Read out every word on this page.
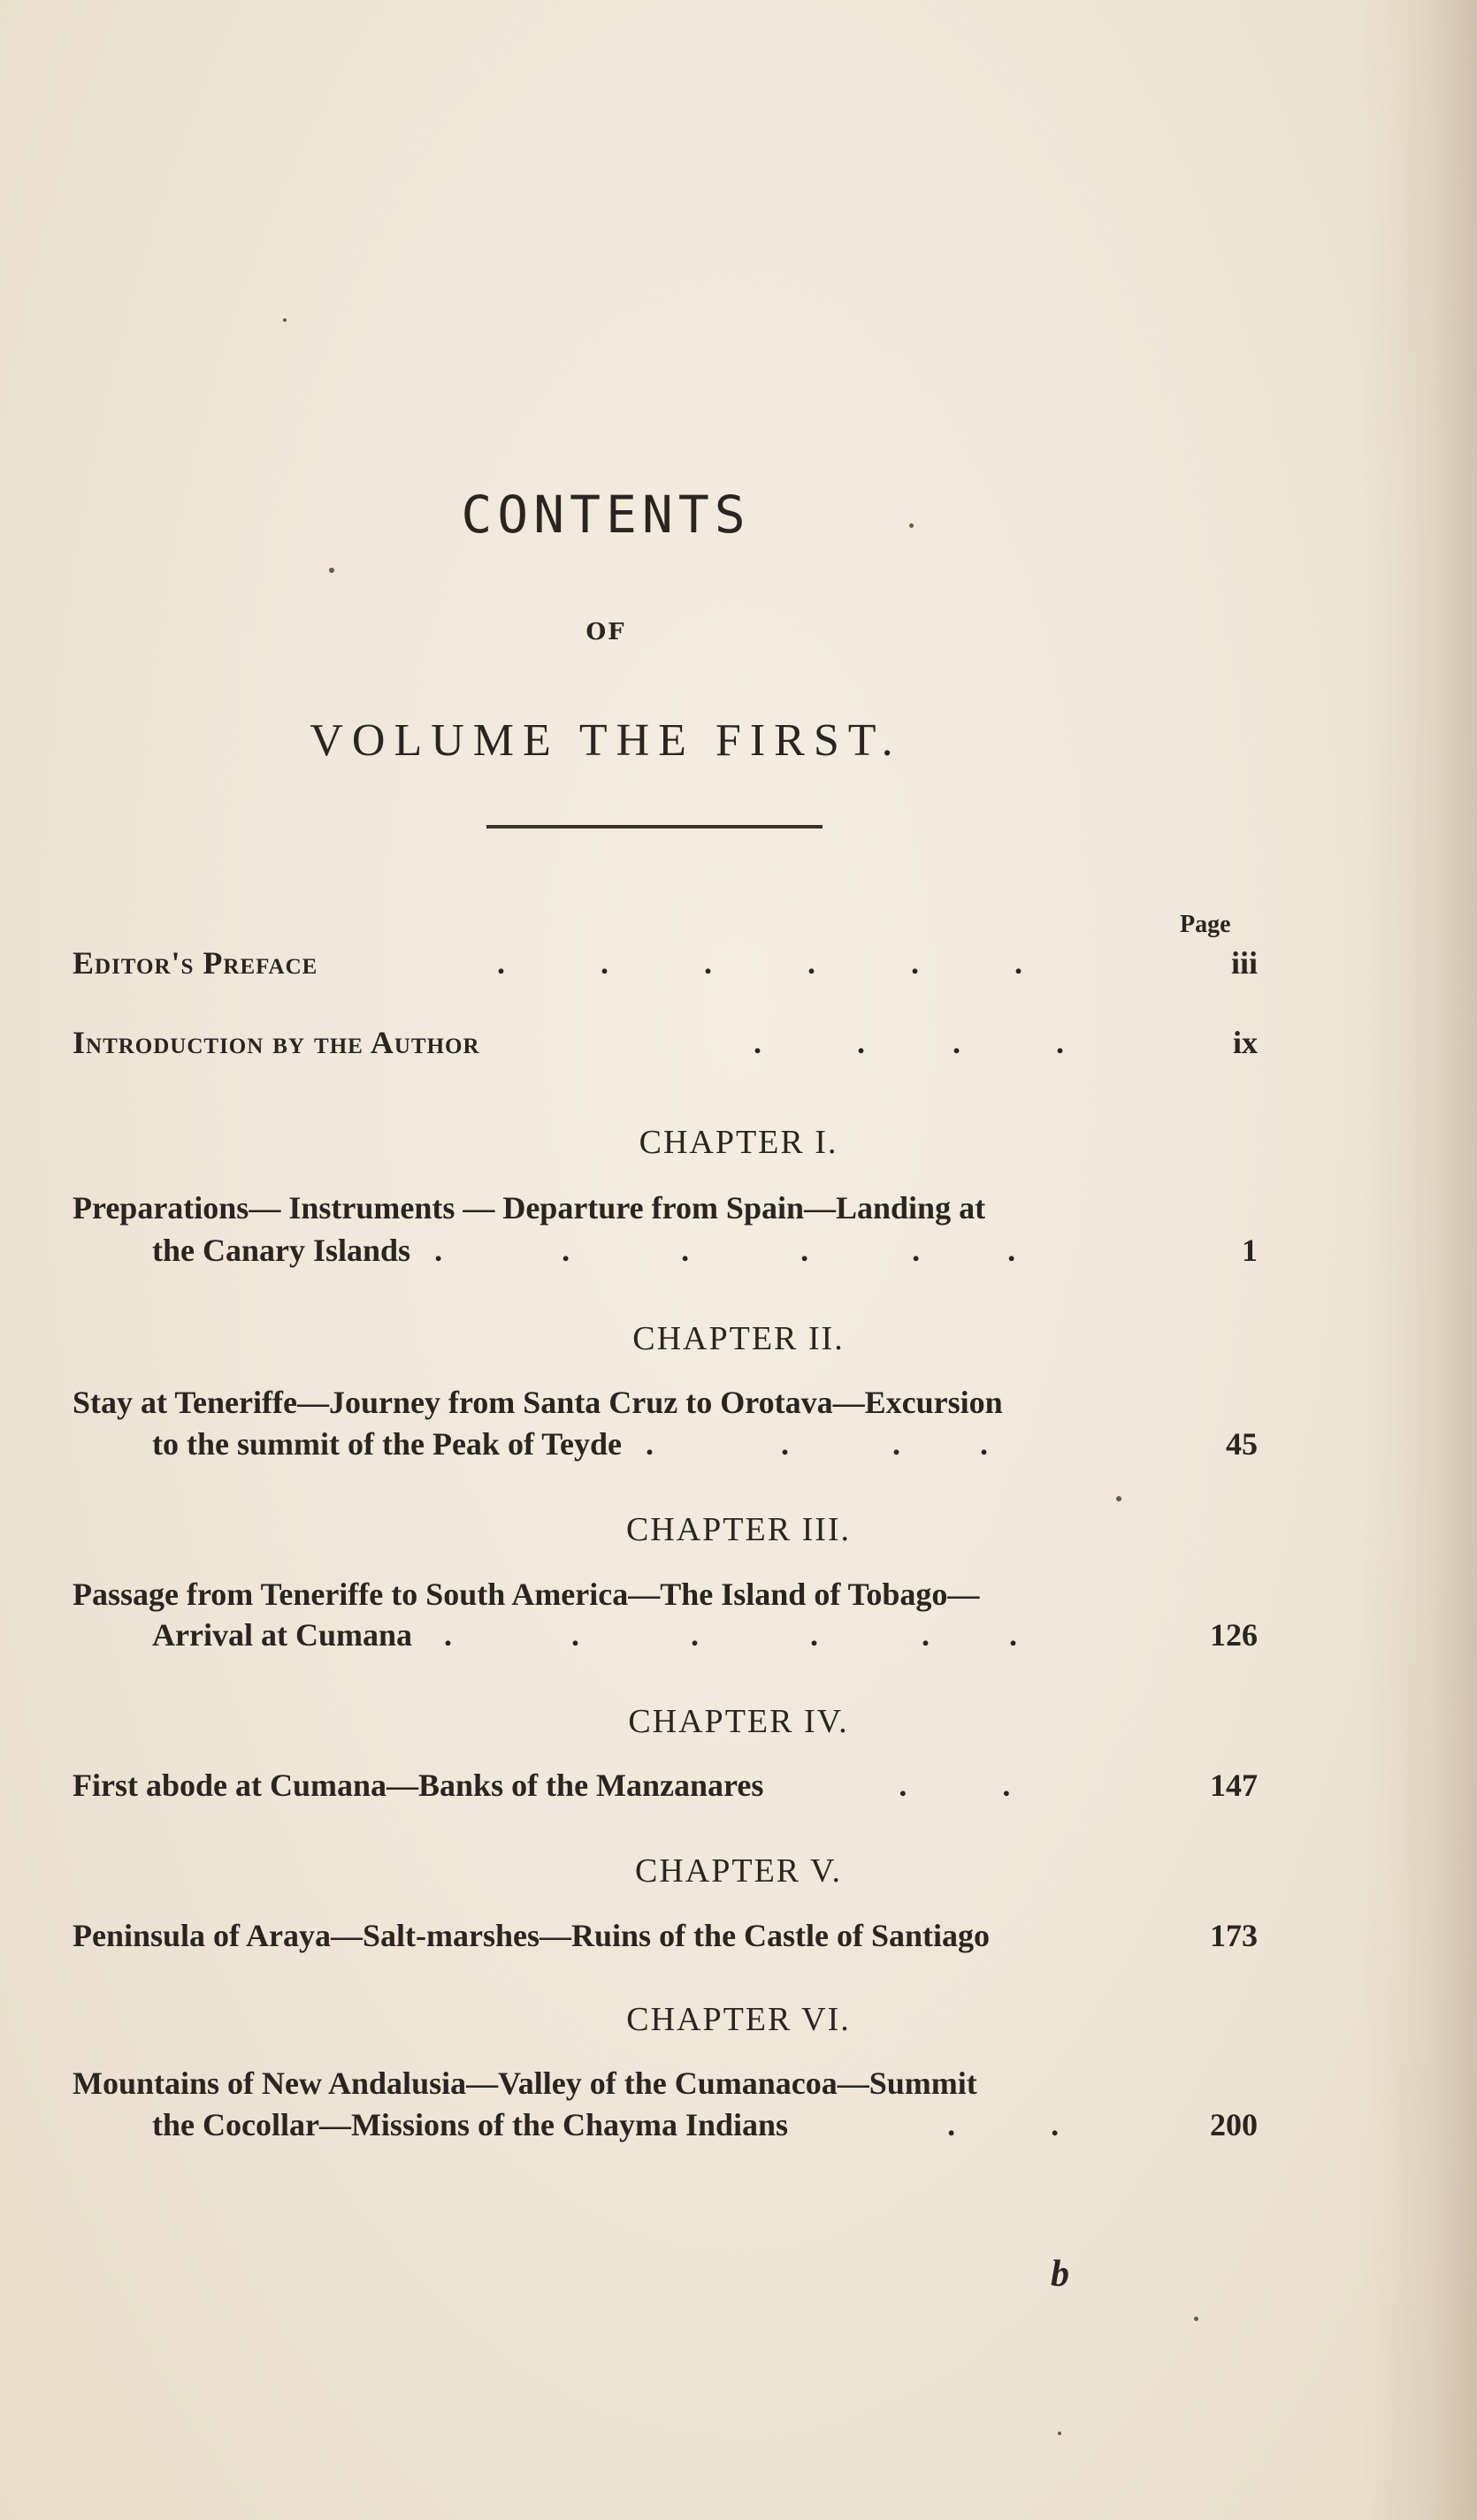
CONTENTS
OF
VOLUME THE FIRST.
Page
Editor's Preface	.            .            .            .            .            .	iii
Introduction by the Author	.            .           .            .	ix
CHAPTER I.
Preparations— Instruments — Departure from Spain—Landing at
the Canary Islands   .               .              .              .             .           .	1
CHAPTER II.
Stay at Teneriffe—Journey from Santa Cruz to Orotava—Excursion
to the summit of the Peak of Teyde   .                .             .          .	45
CHAPTER III.
Passage from Teneriffe to South America—The Island of Tobago—
Arrival at Cumana    .               .              .              .             .          .	126
CHAPTER IV.
First abode at Cumana—Banks of the Manzanares                 .            .	147
CHAPTER V.
Peninsula of Araya—Salt-marshes—Ruins of the Castle of Santiago	173
CHAPTER VI.
Mountains of New Andalusia—Valley of the Cumanacoa—Summit
the Cocollar—Missions of the Chayma Indians                    .            .	200
b
